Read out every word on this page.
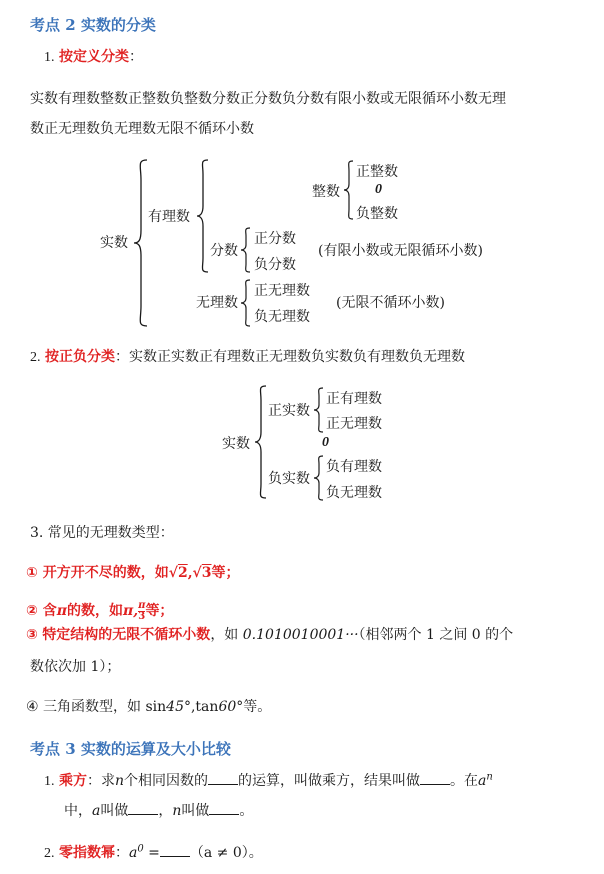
考点 2 实数的分类
1. 按定义分类：
实数有理数整数正整数负整数分数正分数负分数有限小数或无限循环小数无理
数正无理数负无理数无限不循环小数
实数
有理数
整数
正整数
0
负整数
分数
正分数
负分数
(有限小数或无限循环小数)
无理数
正无理数
负无理数
(无限不循环小数)
2. 按正负分类：实数正实数正有理数正无理数负实数负有理数负无理数
实数
正实数
正有理数
正无理数
0
负实数
负有理数
负无理数
3. 常见的无理数类型：
① 开方开不尽的数，如√2,√3等；
② 含π的数，如π, $\frac{\pi}{3}$ 等；
③ 特定结构的无限不循环小数，如 0.1010010001···（相邻两个 1 之间 0 的个
数依次加 1）；
④ 三角函数型，如 sin45°,tan60°等。
考点 3 实数的运算及大小比较
1. 乘方：求n个相同因数的 的运算，叫做乘方，结果叫做 。在$a^n$
中，a叫做 ，n叫做 。
2. 零指数幂：$a^0 = (a \ne 0)$。
